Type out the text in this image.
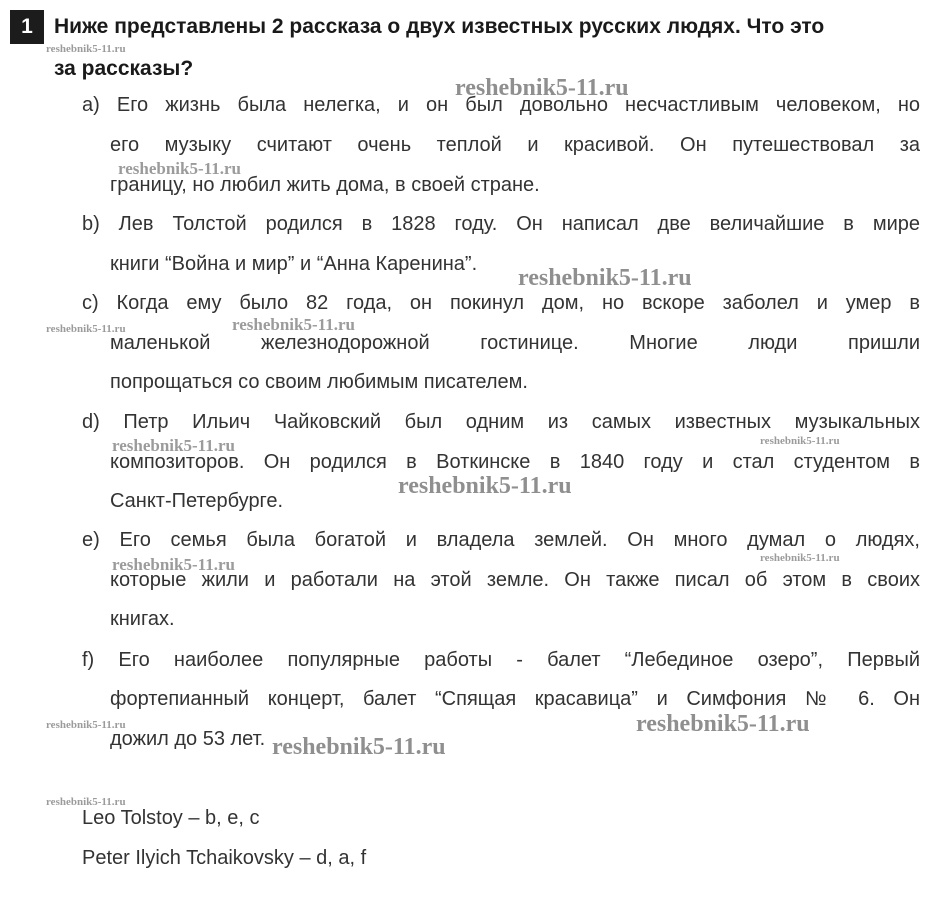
1	Ниже представлены 2 рассказа о двух известных русских людях. Что это
за рассказы?
a) Его жизнь была нелегка, и он был довольно несчастливым человеком, но
его музыку считают очень теплой и красивой. Он путешествовал за
границу, но любил жить дома, в своей стране.
b) Лев Толстой родился в 1828 году. Он написал две величайшие в мире
книги “Война и мир” и “Анна Каренина”.
c) Когда ему было 82 года, он покинул дом, но вскоре заболел и умер в
маленькой железнодорожной гостинице. Многие люди пришли
попрощаться со своим любимым писателем.
d) Петр Ильич Чайковский был одним из самых известных музыкальных
композиторов. Он родился в Воткинске в 1840 году и стал студентом в
Санкт-Петербурге.
e) Его семья была богатой и владела землей. Он много думал о людях,
которые жили и работали на этой земле. Он также писал об этом в своих
книгах.
f) Его наиболее популярные работы - балет “Лебединое озеро”, Первый
фортепианный концерт, балет “Спящая красавица” и Симфония № 6. Он
дожил до 53 лет.
Leo Tolstoy – b, e, c
Peter Ilyich Tchaikovsky – d, a, f
reshebnik5-11.ru
reshebnik5-11.ru
reshebnik5-11.ru
reshebnik5-11.ru
reshebnik5-11.ru	reshebnik5-11.ru
reshebnik5-11.ru	reshebnik5-11.ru
reshebnik5-11.ru
reshebnik5-11.ru	reshebnik5-11.ru
reshebnik5-11.ru	reshebnik5-11.ru
reshebnik5-11.ru
reshebnik5-11.ru
